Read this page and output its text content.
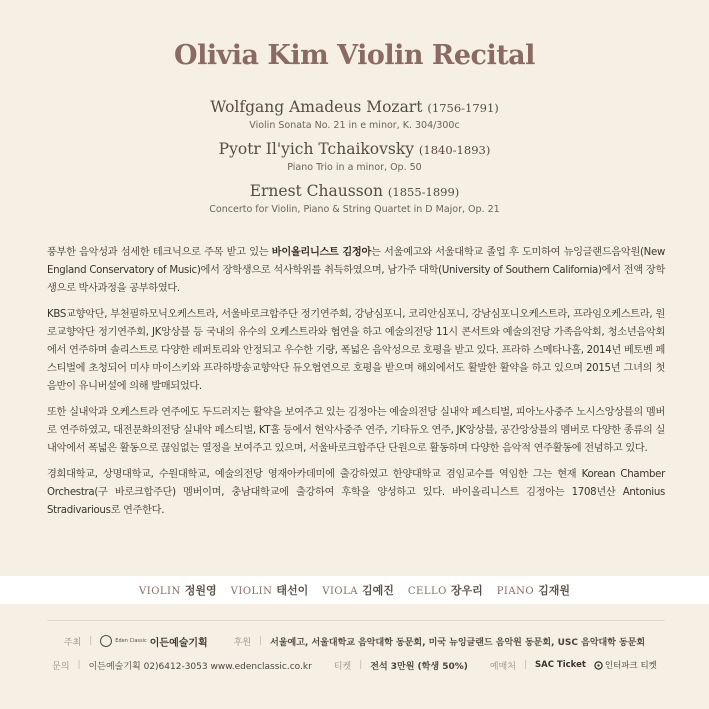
Olivia Kim Violin Recital
Wolfgang Amadeus Mozart (1756-1791)
Violin Sonata No. 21 in e minor, K. 304/300c
Pyotr Il'yich Tchaikovsky (1840-1893)
Piano Trio in a minor, Op. 50
Ernest Chausson (1855-1899)
Concerto for Violin, Piano & String Quartet in D Major, Op. 21

풍부한 음악성과 섬세한 테크닉으로 주목 받고 있는 바이올리니스트 김정아는 서울예고와 서울대학교 졸업 후 도미하여 뉴잉글랜드음악원(New England Conservatory of Music)에서 장학생으로 석사학위를 취득하였으며, 남가주 대학(University of Southern California)에서 전액 장학생으로 박사과정을 공부하였다.

KBS교향악단, 부천필하모닉오케스트라, 서울바로크합주단 정기연주회, 강남심포니, 코리안심포니, 강남심포니오케스트라, 프라임오케스트라, 원로교향악단 정기연주회, JK앙상블 등 국내의 유수의 오케스트라와 협연을 하고 예술의전당 11시 콘서트와 예술의전당 가족음악회, 청소년음악회에서 연주하며 솔리스트로 다양한 레퍼토리와 안정되고 우수한 기량, 폭넓은 음악성으로 호평을 받고 있다. 프라하 스메타나홀, 2014년 베토벤 페스티벌에 초청되어 미샤 마이스키와 프라하방송교향악단 듀오협연으로 호평을 받으며 해외에서도 활발한 활약을 하고 있으며 2015년 그녀의 첫 음반이 유니버설에 의해 발매되었다.

또한 실내악과 오케스트라 연주에도 두드러지는 활약을 보여주고 있는 김정아는 예술의전당 실내악 페스티벌, 피아노사중주 노시스앙상블의 멤버로 연주하였고, 대전문화의전당 실내악 페스티벌, KT홀 등에서 현악사중주 연주, 기타듀오 연주, JK앙상블, 공간앙상블의 멤버로 다양한 종류의 실내악에서 폭넓은 활동으로 끊임없는 열정을 보여주고 있으며, 서울바로크합주단 단원으로 활동하며 다양한 음악적 연주활동에 전념하고 있다.

경희대학교, 상명대학교, 수원대학교, 예술의전당 영재아카데미에 출강하였고 한양대학교 겸임교수를 역임한 그는 현재 Korean Chamber Orchestra(구 바로크합주단) 멤버이며, 충남대학교에 출강하여 후학을 양성하고 있다. 바이올리니스트 김정아는 1708년산 Antonius Stradivarious로 연주한다.

VIOLIN 정원영 VIOLIN 태선이 VIOLA 김예진 CELLO 장우리 PIANO 김재원
주최 |	Eden Classic 이든예술기획	후원 | 서울예고, 서울대학교 음악대학 동문회, 미국 뉴잉글랜드 음악원 동문회, USC 음악대학 동문회
문의 | 이든예술기획 02)6412-3053 www.edenclassic.co.kr 티켓 | 전석 3만원 (학생 50%) 예매처 | SAC Ticket 인터파크 티켓
